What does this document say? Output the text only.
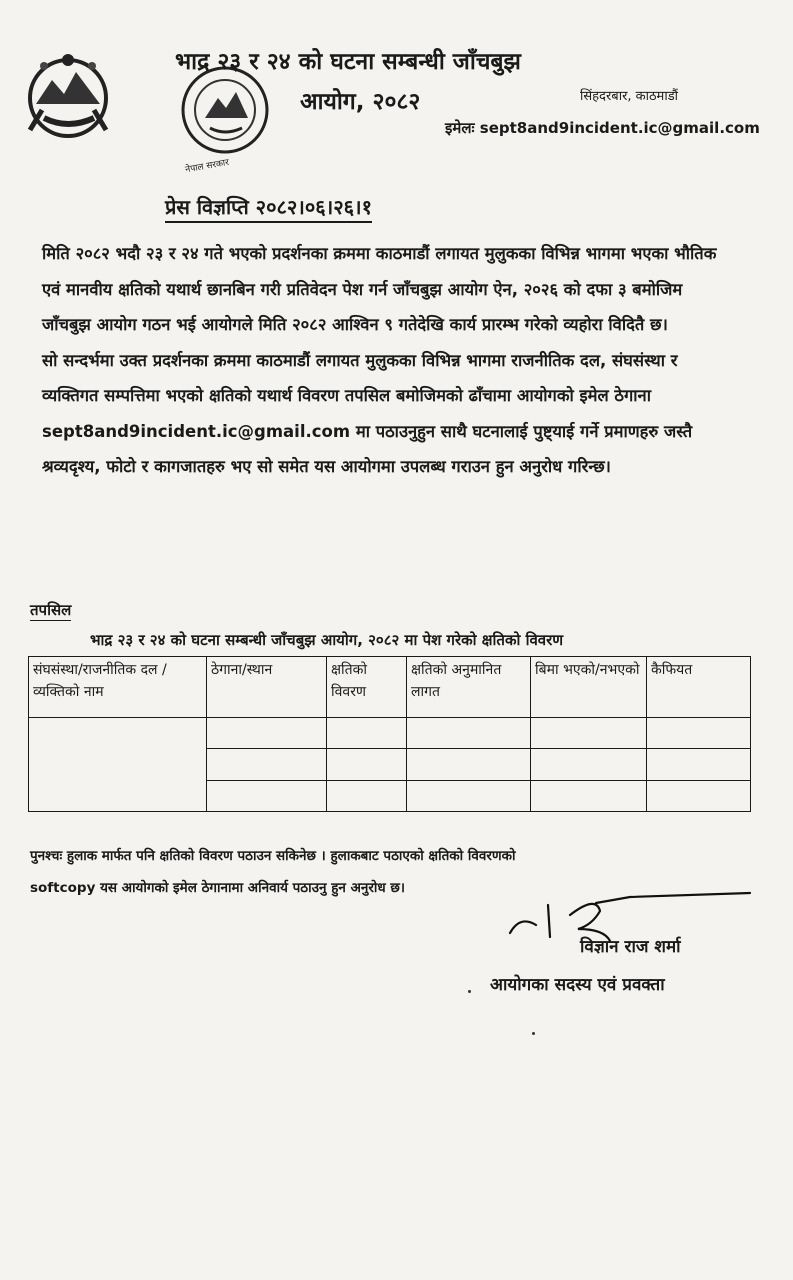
नेपाल सरकार
भाद्र २३ र २४ को घटना सम्बन्धी जाँचबुझ
आयोग, २०८२	सिंहदरबार, काठमाडौं
इमेलः sept8and9incident.ic@gmail.com
प्रेस विज्ञप्ति २०८२।०६।२६।१

मिति २०८२ भदौ २३ र २४ गते भएको प्रदर्शनका क्रममा काठमाडौं लगायत मुलुकका विभिन्न भागमा भएका भौतिक एवं मानवीय क्षतिको यथार्थ छानबिन गरी प्रतिवेदन पेश गर्न जाँचबुझ आयोग ऐन, २०२६ को दफा ३ बमोजिम जाँचबुझ आयोग गठन भई आयोगले मिति २०८२ आश्विन ९ गतेदेखि कार्य प्रारम्भ गरेको व्यहोरा विदितै छ।

सो सन्दर्भमा उक्त प्रदर्शनका क्रममा काठमाडौं लगायत मुलुकका विभिन्न भागमा राजनीतिक दल, संघसंस्था र व्यक्तिगत सम्पत्तिमा भएको क्षतिको यथार्थ विवरण तपसिल बमोजिमको ढाँचामा आयोगको इमेल ठेगाना sept8and9incident.ic@gmail.com मा पठाउनुहुन साथै घटनालाई पुष्ट्याई गर्ने प्रमाणहरु जस्तै श्रव्यदृश्य, फोटो र कागजातहरु भए सो समेत यस आयोगमा उपलब्ध गराउन हुन अनुरोध गरिन्छ।

तपसिल
भाद्र २३ र २४ को घटना सम्बन्धी जाँचबुझ आयोग, २०८२ मा पेश गरेको क्षतिको विवरण
संघसंस्था/राजनीतिक दल /व्यक्तिको नाम	ठेगाना/स्थान	क्षतिको विवरण	क्षतिको अनुमानित लागत	बिमा भएको/नभएको	कैफियत

पुनश्चः हुलाक मार्फत पनि क्षतिको विवरण पठाउन सकिनेछ । हुलाकबाट पठाएको क्षतिको विवरणको

softcopy यस आयोगको इमेल ठेगानामा अनिवार्य पठाउनु हुन अनुरोध छ।

विज्ञान राज शर्मा
आयोगका सदस्य एवं प्रवक्ता
